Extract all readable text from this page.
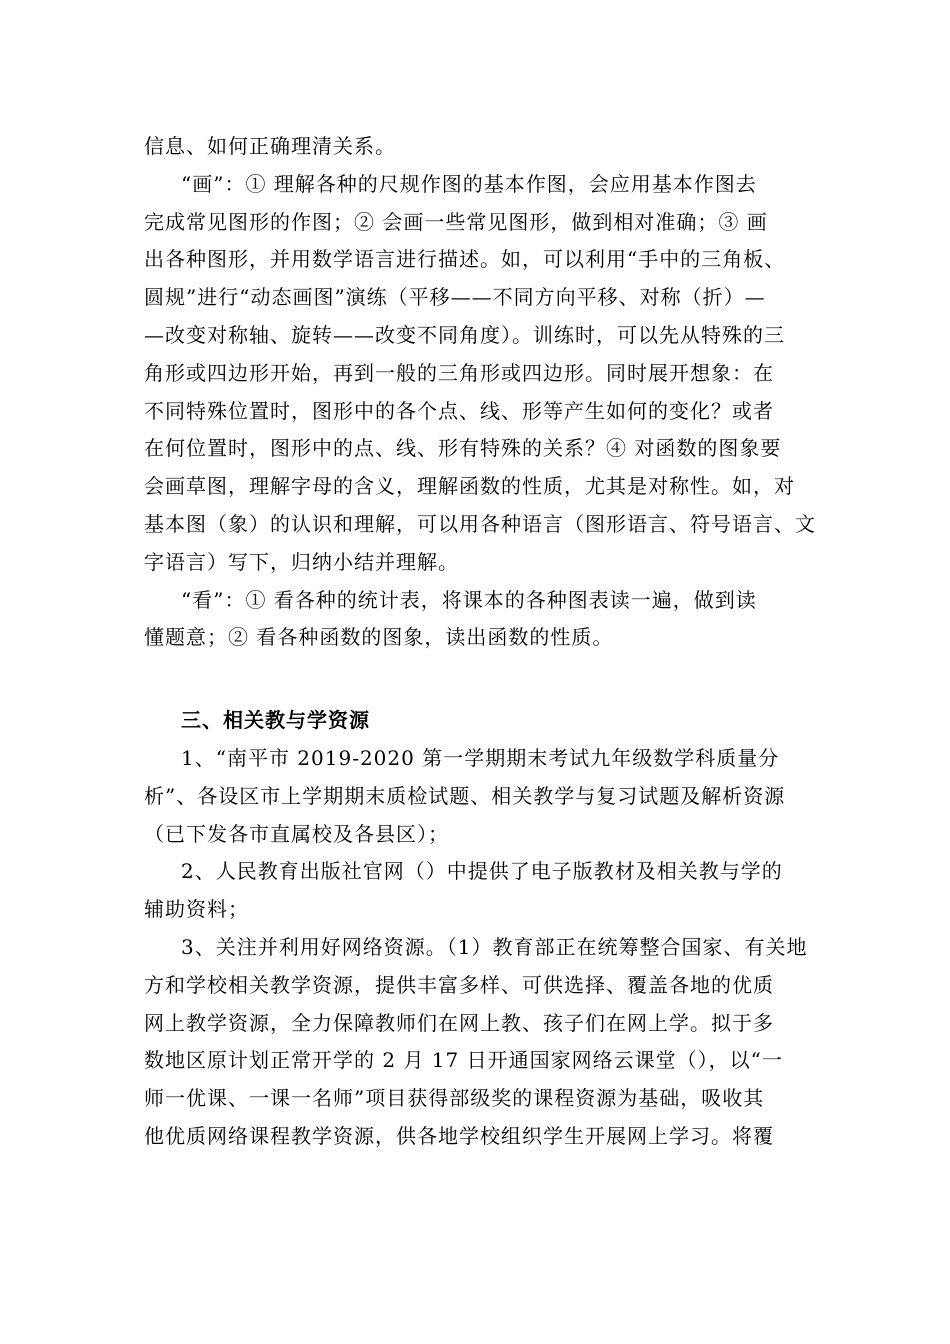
信息、如何正确理清关系。
“画”：① 理解各种的尺规作图的基本作图，会应用基本作图去
完成常见图形的作图；② 会画一些常见图形，做到相对准确；③ 画
出各种图形，并用数学语言进行描述。如，可以利用“手中的三角板、
圆规”进行“动态画图”演练（平移——不同方向平移、对称（折）—
—改变对称轴、旋转——改变不同角度）。训练时，可以先从特殊的三
角形或四边形开始，再到一般的三角形或四边形。同时展开想象：在
不同特殊位置时，图形中的各个点、线、形等产生如何的变化？或者
在何位置时，图形中的点、线、形有特殊的关系？④ 对函数的图象要
会画草图，理解字母的含义，理解函数的性质，尤其是对称性。如，对
基本图（象）的认识和理解，可以用各种语言（图形语言、符号语言、文
字语言）写下，归纳小结并理解。
“看”：① 看各种的统计表，将课本的各种图表读一遍，做到读
懂题意；② 看各种函数的图象，读出函数的性质。
三、相关教与学资源
1、“南平市 2019-2020 第一学期期末考试九年级数学科质量分
析”、各设区市上学期期末质检试题、相关教学与复习试题及解析资源
（已下发各市直属校及各县区）；
2、人民教育出版社官网（）中提供了电子版教材及相关教与学的
辅助资料；
3、关注并利用好网络资源。（1）教育部正在统筹整合国家、有关地
方和学校相关教学资源，提供丰富多样、可供选择、覆盖各地的优质
网上教学资源，全力保障教师们在网上教、孩子们在网上学。拟于多
数地区原计划正常开学的 2 月 17 日开通国家网络云课堂（），以“一
师一优课、一课一名师”项目获得部级奖的课程资源为基础，吸收其
他优质网络课程教学资源，供各地学校组织学生开展网上学习。将覆
